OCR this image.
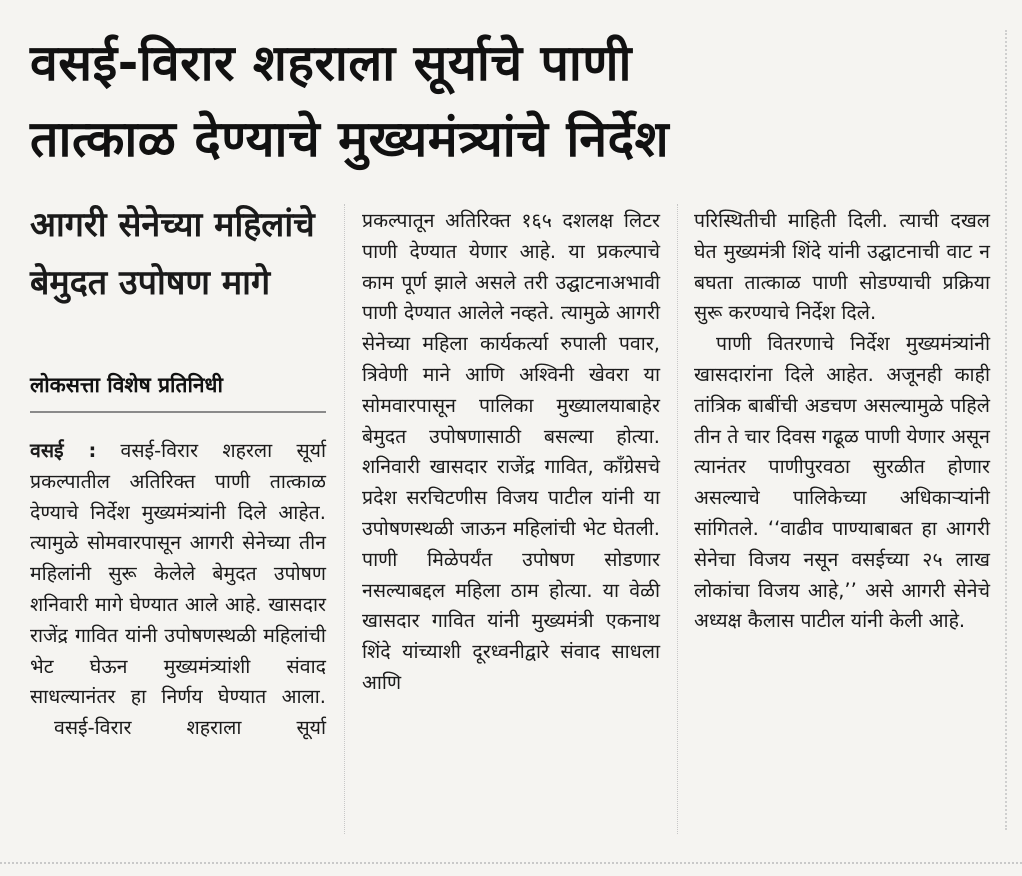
वसई-विरार शहराला सूर्याचे पाणी
तात्काळ देण्याचे मुख्यमंत्र्यांचे निर्देश
आगरी सेनेच्या महिलांचे बेमुदत उपोषण मागे
लोकसत्ता विशेष प्रतिनिधी

वसई : वसई-विरार शहरला सूर्या प्रकल्पातील अतिरिक्त पाणी तात्काळ देण्याचे निर्देश मुख्यमंत्र्यांनी दिले आहेत. त्यामुळे सोमवारपासून आगरी सेनेच्या तीन महिलांनी सुरू केलेले बेमुदत उपोषण शनिवारी मागे घेण्यात आले आहे. खासदार राजेंद्र गावित यांनी उपोषणस्थळी महिलांची भेट घेऊन मुख्यमंत्र्यांशी संवाद साधल्यानंतर हा निर्णय घेण्यात आला.

वसई-विरार शहराला सूर्या

प्रकल्पातून अतिरिक्त १६५ दशलक्ष लिटर पाणी देण्यात येणार आहे. या प्रकल्पाचे काम पूर्ण झाले असले तरी उद्घाटनाअभावी पाणी देण्यात आलेले नव्हते. त्यामुळे आगरी सेनेच्या महिला कार्यकर्त्या रुपाली पवार, त्रिवेणी माने आणि अश्विनी खेवरा या सोमवारपासून पालिका मुख्यालयाबाहेर बेमुदत उपोषणासाठी बसल्या होत्या. शनिवारी खासदार राजेंद्र गावित, काँग्रेसचे प्रदेश सरचिटणीस विजय पाटील यांनी या उपोषणस्थळी जाऊन महिलांची भेट घेतली. पाणी मिळेपर्यंत उपोषण सोडणार नसल्याबद्दल महिला ठाम होत्या. या वेळी खासदार गावित यांनी मुख्यमंत्री एकनाथ शिंदे यांच्याशी दूरध्वनीद्वारे संवाद साधला आणि

परिस्थितीची माहिती दिली. त्याची दखल घेत मुख्यमंत्री शिंदे यांनी उद्घाटनाची वाट न बघता तात्काळ पाणी सोडण्याची प्रक्रिया सुरू करण्याचे निर्देश दिले.

पाणी वितरणाचे निर्देश मुख्यमंत्र्यांनी खासदारांना दिले आहेत. अजूनही काही तांत्रिक बाबींची अडचण असल्यामुळे पहिले तीन ते चार दिवस गढूळ पाणी येणार असून त्यानंतर पाणीपुरवठा सुरळीत होणार असल्याचे पालिकेच्या अधिकाऱ्यांनी सांगितले. ‘‘वाढीव पाण्याबाबत हा आगरी सेनेचा विजय नसून वसईच्या २५ लाख लोकांचा विजय आहे,’’ असे आगरी सेनेचे अध्यक्ष कैलास पाटील यांनी केली आहे.
